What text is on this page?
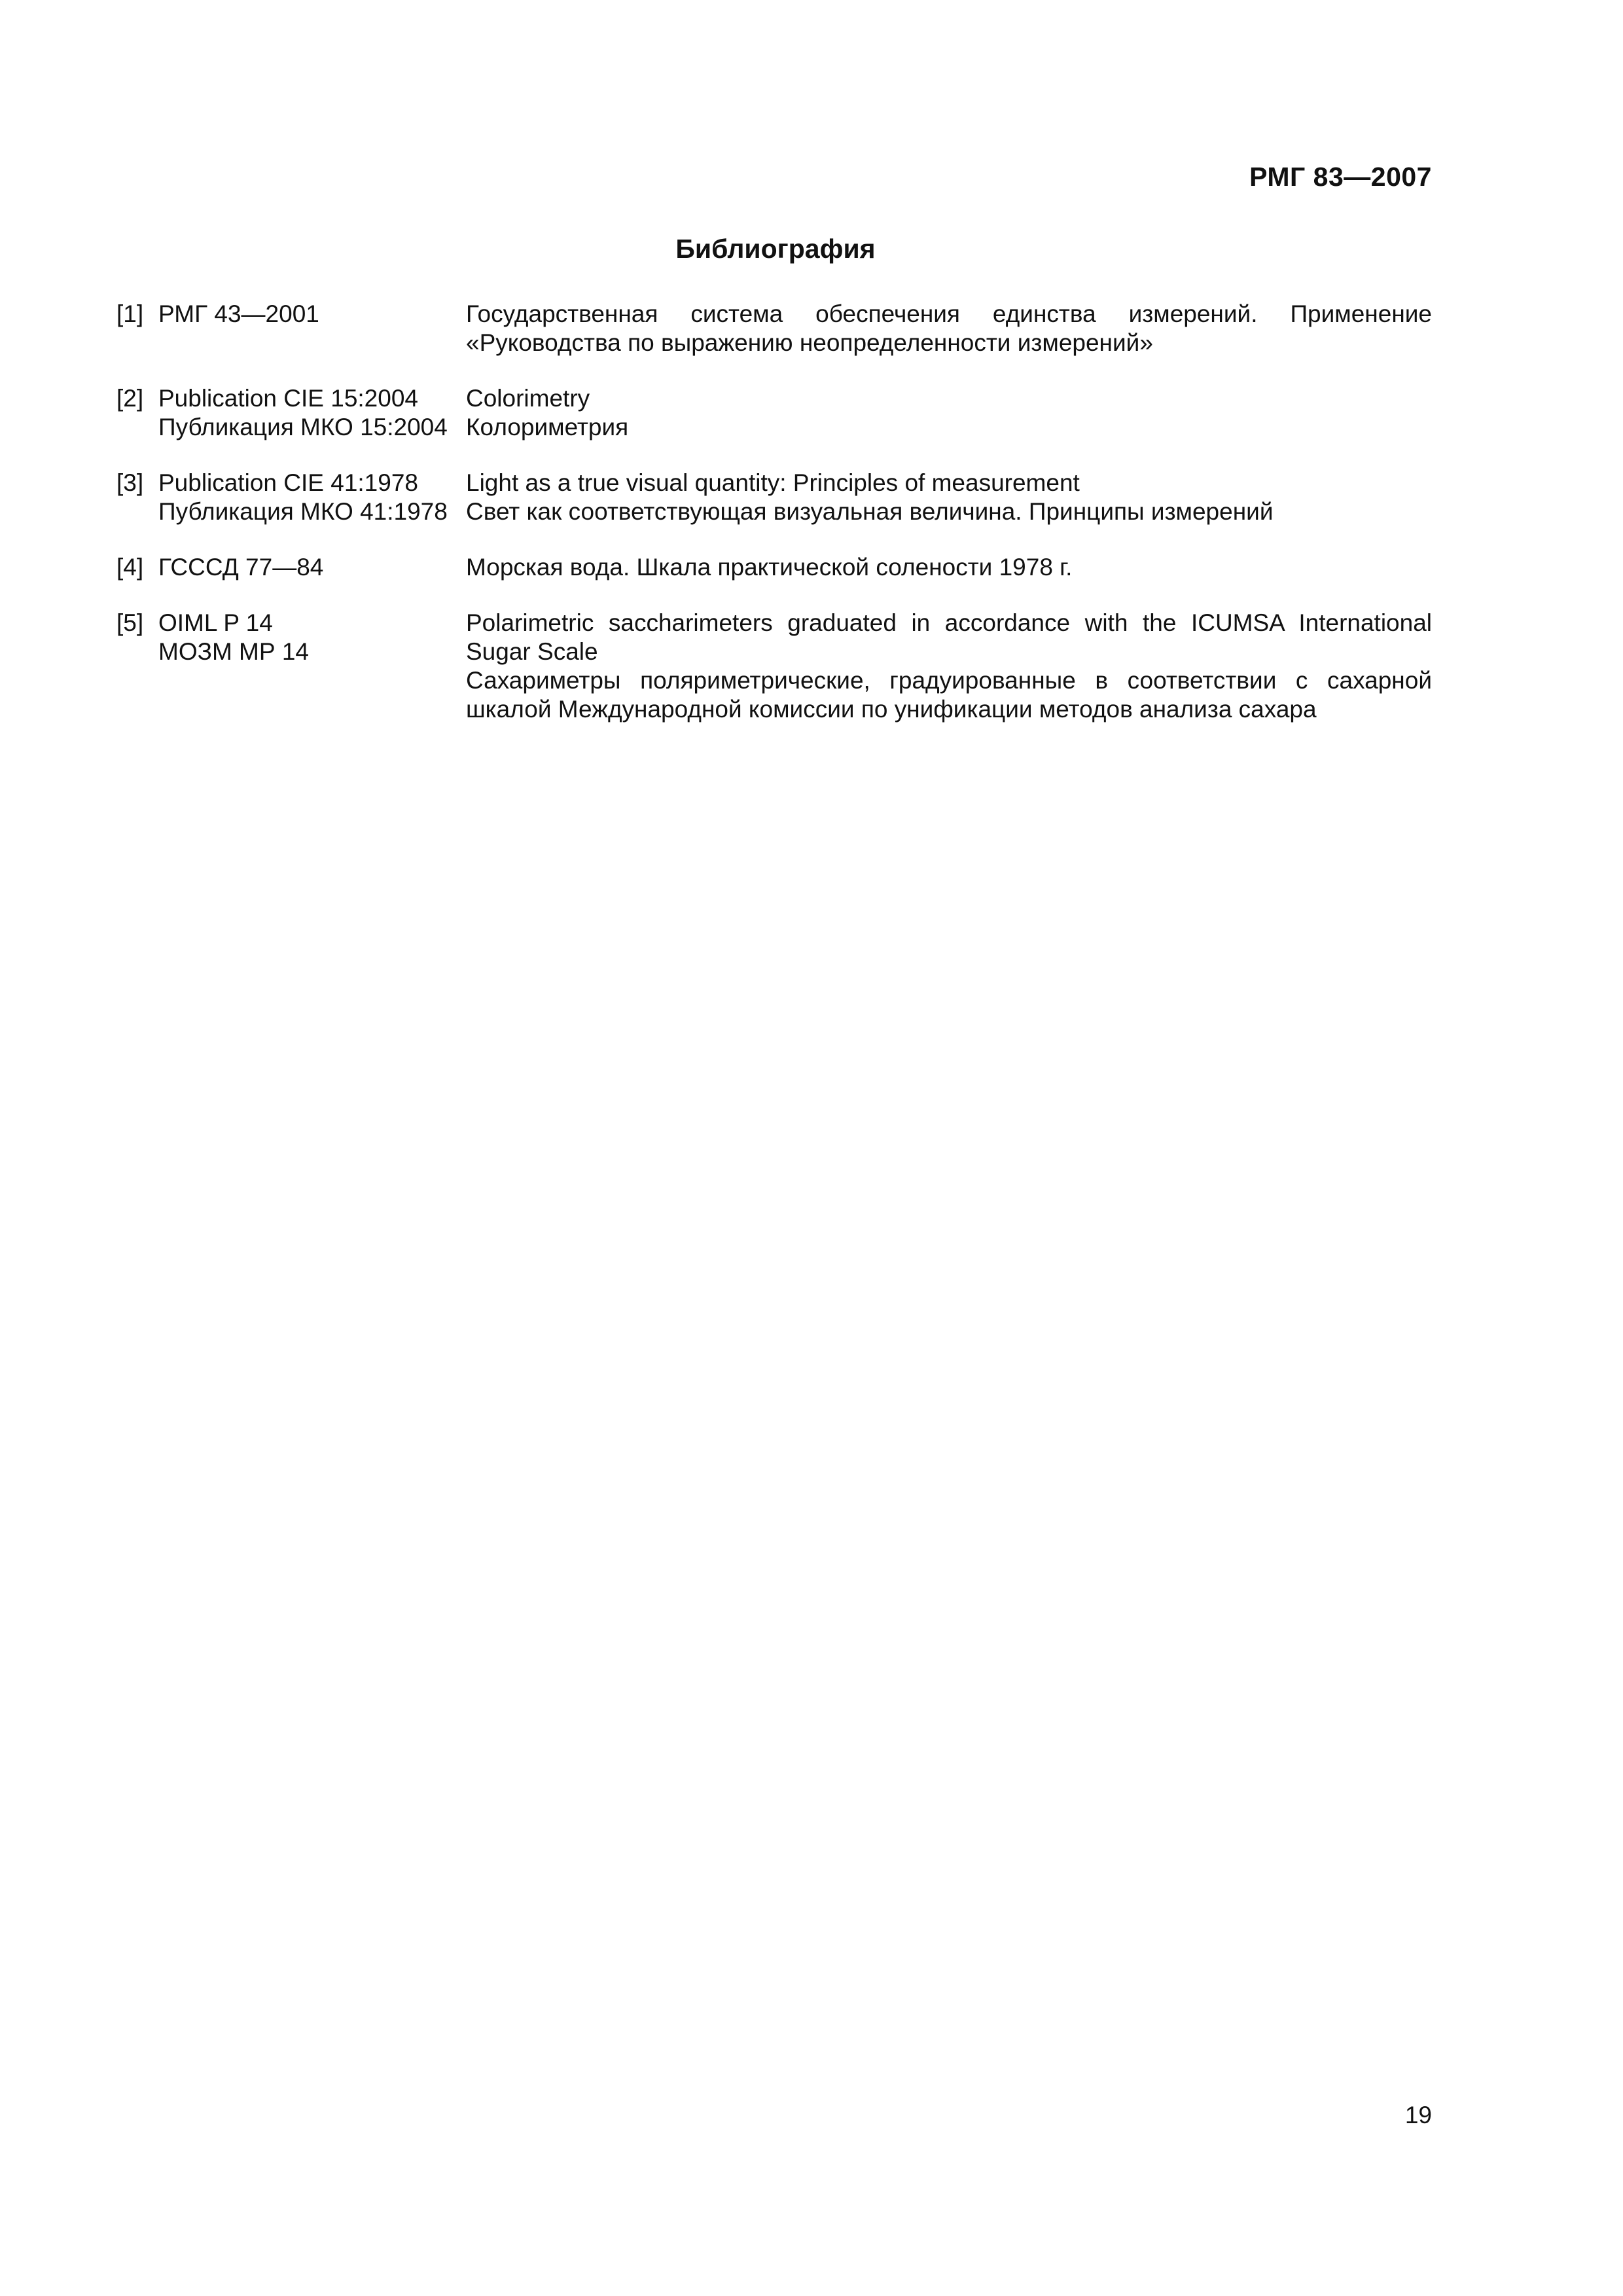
РМГ 83—2007
Библиография
[1] РМГ 43—2001	Государственная система обеспечения единства измерений. Применение «Руководства по выражению неопределенности измерений»
[2] Publication CIE 15:2004
Публикация МКО 15:2004
Colorimetry
Колориметрия
[3] Publication CIE 41:1978
Публикация МКО 41:1978
Light as a true visual quantity: Principles of measurement
Свет как соответствующая визуальная величина. Принципы измерений
[4] ГСССД 77—84	Морская вода. Шкала практической солености 1978 г.
[5] OIML P 14
МОЗМ МР 14
Polarimetric saccharimeters graduated in accordance with the ICUMSA International Sugar Scale
Сахариметры поляриметрические, градуированные в соответствии с сахарной шкалой Международной комиссии по унификации методов анализа сахара
19
